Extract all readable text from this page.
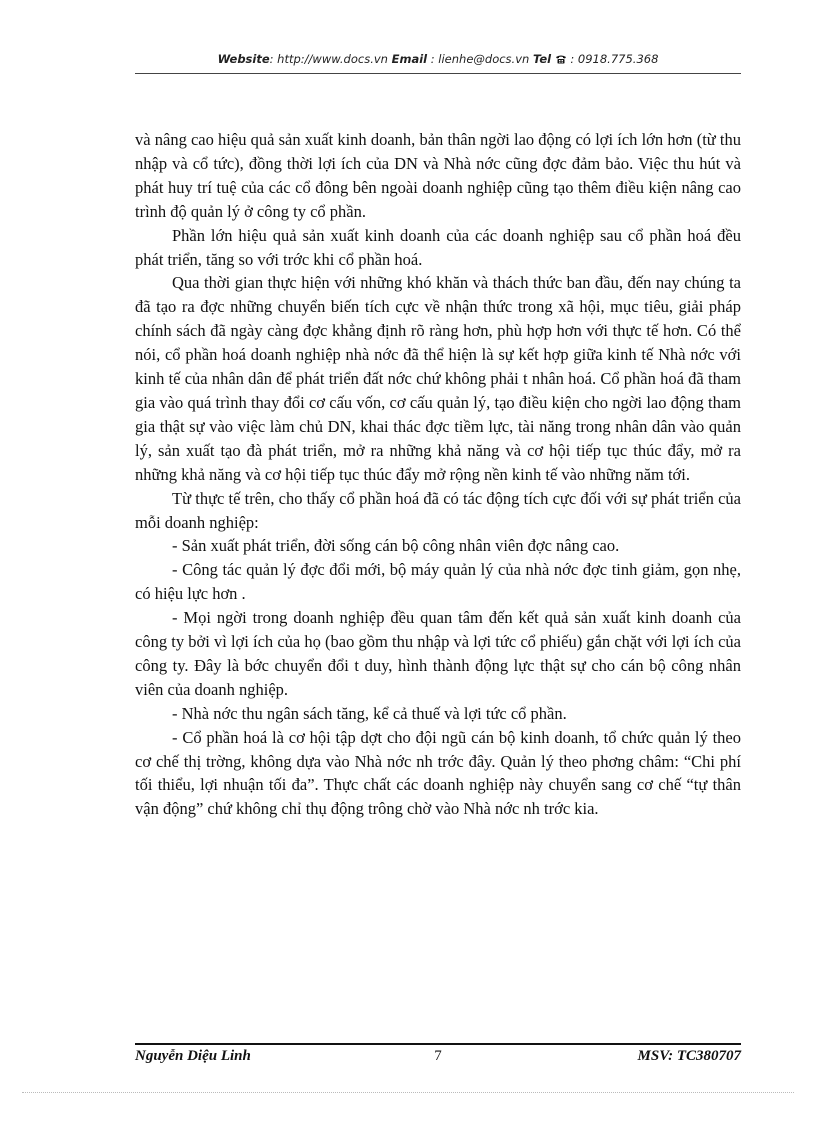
Website: http://www.docs.vn Email : lienhe@docs.vn Tel : 0918.775.368

và nâng cao hiệu quả sản xuất kinh doanh, bản thân ngời lao động có lợi ích lớn hơn (từ thu nhập và cổ tức), đồng thời lợi ích của DN và Nhà nớc cũng đợc đảm bảo. Việc thu hút và phát huy trí tuệ của các cổ đông bên ngoài doanh nghiệp cũng tạo thêm điều kiện nâng cao trình độ quản lý ở công ty cổ phần.

Phần lớn hiệu quả sản xuất kinh doanh của các doanh nghiệp sau cổ phần hoá đều phát triển, tăng so với trớc khi cổ phần hoá.

Qua thời gian thực hiện với những khó khăn và thách thức ban đầu, đến nay chúng ta đã tạo ra đợc những chuyển biến tích cực về nhận thức trong xã hội, mục tiêu, giải pháp chính sách đã ngày càng đợc khẳng định rõ ràng hơn, phù hợp hơn với thực tế hơn. Có thể nói, cổ phần hoá doanh nghiệp nhà nớc đã thể hiện là sự kết hợp giữa kinh tế Nhà nớc với kinh tế của nhân dân để phát triển đất nớc chứ không phải t nhân hoá. Cổ phần hoá đã tham gia vào quá trình thay đổi cơ cấu vốn, cơ cấu quản lý, tạo điều kiện cho ngời lao động tham gia thật sự vào việc làm chủ DN, khai thác đợc tiềm lực, tài năng trong nhân dân vào quản lý, sản xuất tạo đà phát triển, mở ra những khả năng và cơ hội tiếp tục thúc đẩy, mở ra những khả năng và cơ hội tiếp tục thúc đẩy mở rộng nền kinh tế vào những năm tới.

Từ thực tế trên, cho thấy cổ phần hoá đã có tác động tích cực đối với sự phát triển của mỗi doanh nghiệp:

- Sản xuất phát triển, đời sống cán bộ công nhân viên đợc nâng cao.

- Công tác quản lý đợc đổi mới, bộ máy quản lý của nhà nớc đợc tinh giảm, gọn nhẹ, có hiệu lực hơn .

- Mọi ngời trong doanh nghiệp đều quan tâm đến kết quả sản xuất kinh doanh của công ty bởi vì lợi ích của họ (bao gồm thu nhập và lợi tức cổ phiếu) gắn chặt với lợi ích của công ty. Đây là bớc chuyển đổi t duy, hình thành động lực thật sự cho cán bộ công nhân viên của doanh nghiệp.

- Nhà nớc thu ngân sách tăng, kể cả thuế và lợi tức cổ phần.

- Cổ phần hoá là cơ hội tập dợt cho đội ngũ cán bộ kinh doanh, tổ chức quản lý theo cơ chế thị trờng, không dựa vào Nhà nớc nh trớc đây. Quản lý theo phơng châm: “Chi phí tối thiểu, lợi nhuận tối đa”. Thực chất các doanh nghiệp này chuyển sang cơ chế “tự thân vận động” chứ không chỉ thụ động trông chờ vào Nhà nớc nh trớc kia.

Nguyễn Diệu Linh	7	MSV: TC380707
